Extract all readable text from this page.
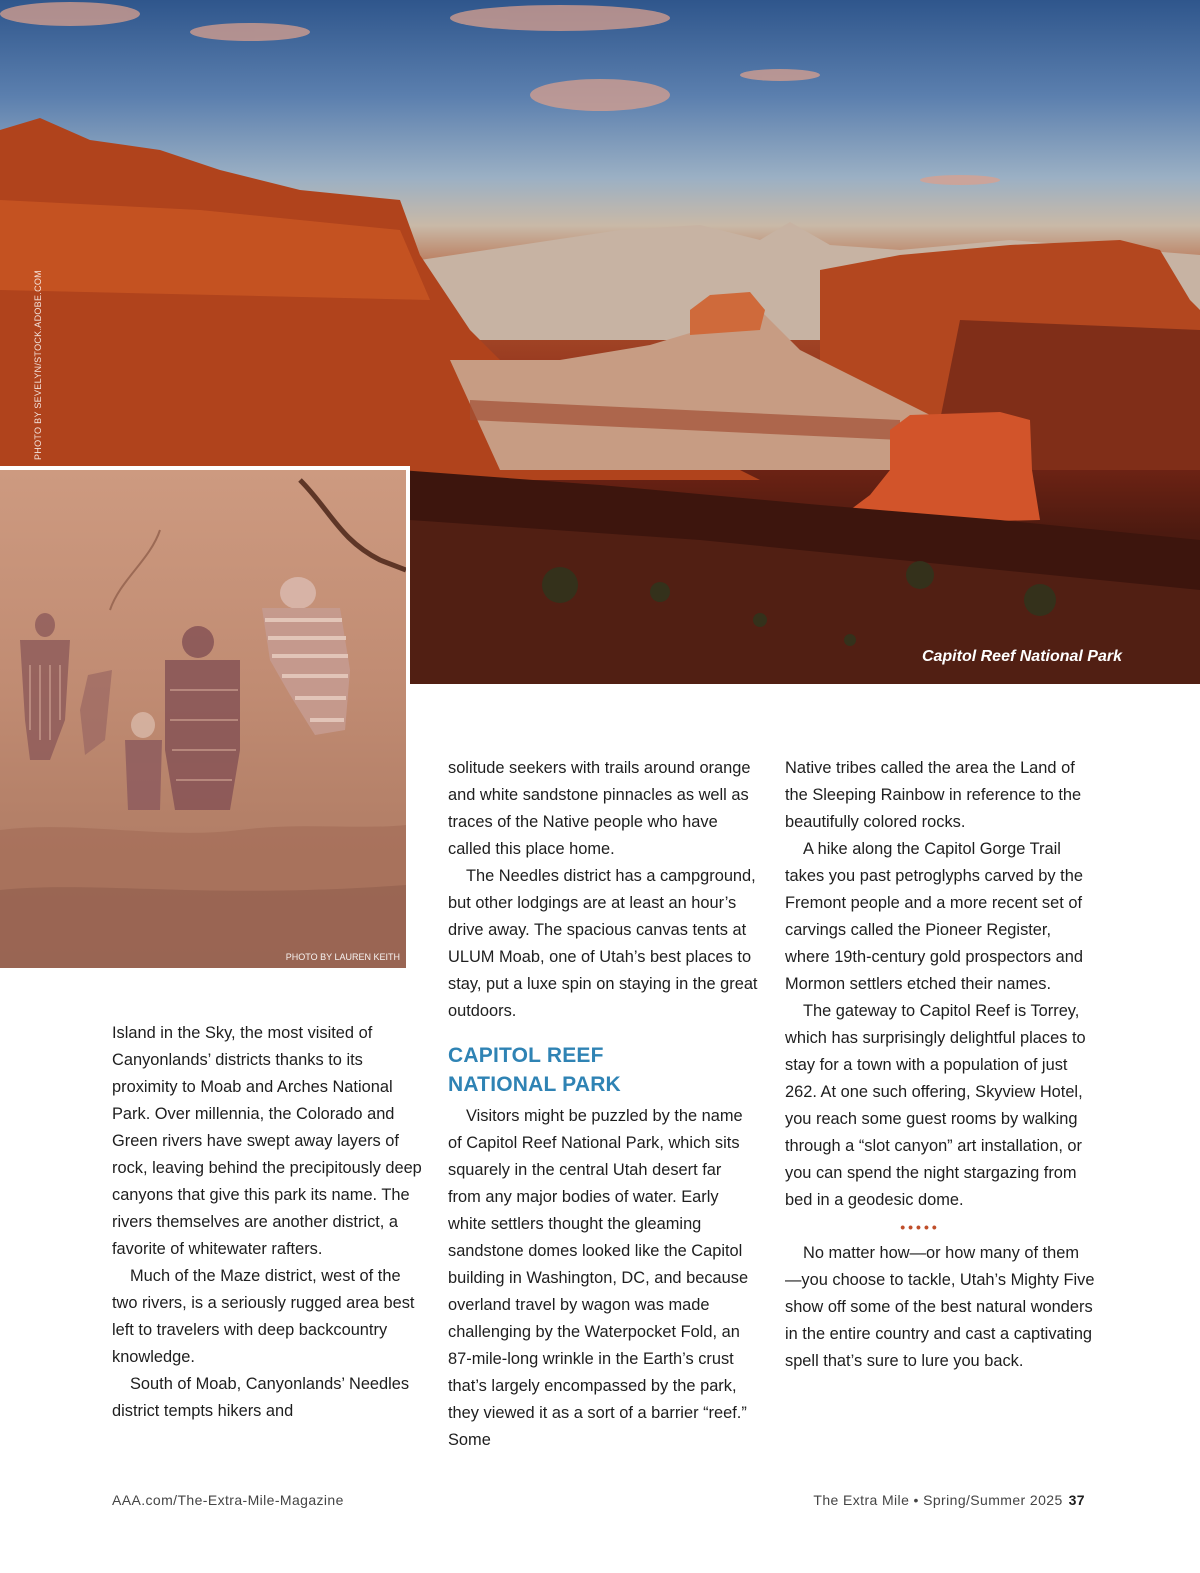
PHOTO BY SEVELYN/STOCK.ADOBE.COM
Capitol Reef National Park
PHOTO BY LAUREN KEITH

Island in the Sky, the most visited of Canyonlands’ districts thanks to its proximity to Moab and Arches National Park. Over millennia, the Colorado and Green rivers have swept away layers of rock, leaving behind the precipitously deep canyons that give this park its name. The rivers themselves are another district, a favorite of whitewater rafters.

Much of the Maze district, west of the two rivers, is a seriously rugged area best left to travelers with deep backcountry knowledge.

South of Moab, Canyonlands’ Needles district tempts hikers and

solitude seekers with trails around orange and white sandstone pinnacles as well as traces of the Native people who have called this place home.

The Needles district has a campground, but other lodgings are at least an hour’s drive away. The spacious canvas tents at ULUM Moab, one of Utah’s best places to stay, put a luxe spin on staying in the great outdoors.

CAPITOL REEF
NATIONAL PARK

Visitors might be puzzled by the name of Capitol Reef National Park, which sits squarely in the central Utah desert far from any major bodies of water. Early white settlers thought the gleaming sandstone domes looked like the Capitol building in Washington, DC, and because overland travel by wagon was made challenging by the Waterpocket Fold, an 87-mile-long wrinkle in the Earth’s crust that’s largely encompassed by the park, they viewed it as a sort of a barrier “reef.” Some

Native tribes called the area the Land of the Sleeping Rainbow in reference to the beautifully colored rocks.

A hike along the Capitol Gorge Trail takes you past petroglyphs carved by the Fremont people and a more recent set of carvings called the Pioneer Register, where 19th-century gold prospectors and Mormon settlers etched their names.

The gateway to Capitol Reef is Torrey, which has surprisingly delightful places to stay for a town with a population of just 262. At one such offering, Skyview Hotel, you reach some guest rooms by walking through a “slot canyon” art installation, or you can spend the night stargazing from bed in a geodesic dome.

•••••

No matter how—or how many of them—you choose to tackle, Utah’s Mighty Five show off some of the best natural wonders in the entire country and cast a captivating spell that’s sure to lure you back.

AAA.com/The-Extra-Mile-Magazine	The Extra Mile • Spring/Summer 2025 37
